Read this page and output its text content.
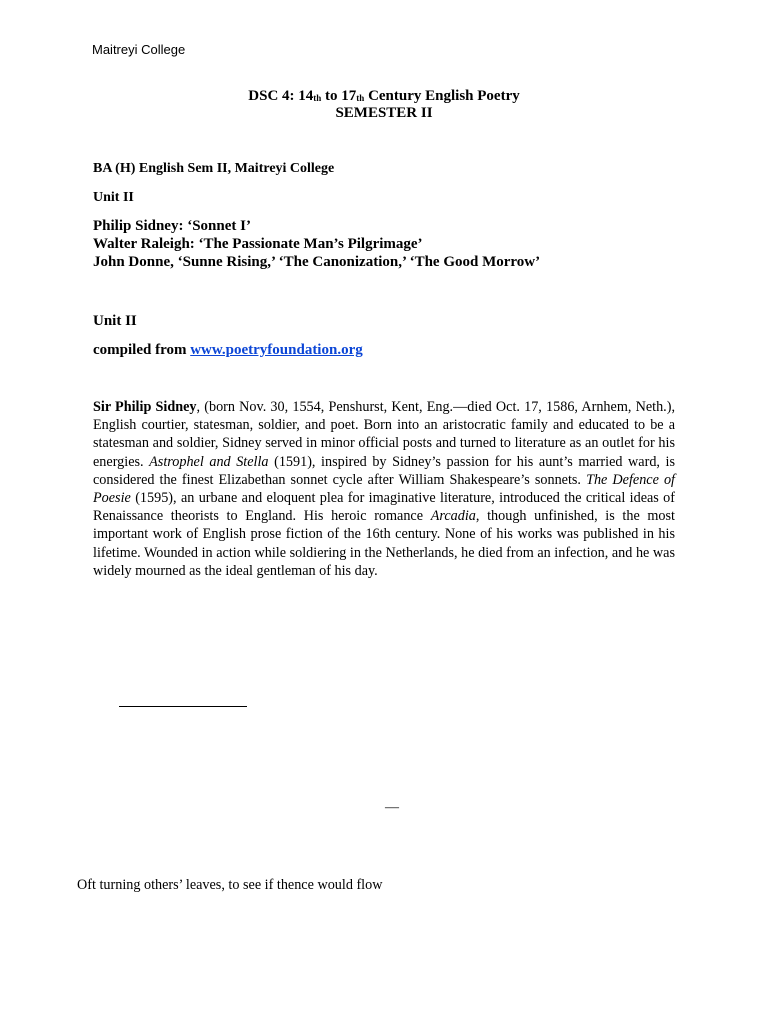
Maitreyi College
DSC 4: $14_{th}$ to $17_{th}$ Century English Poetry
SEMESTER II
BA (H) English Sem II, Maitreyi College
Unit II
Philip Sidney: ‘Sonnet I’
Walter Raleigh: ‘The Passionate Man’s Pilgrimage’
John Donne, ‘Sunne Rising,’ ‘The Canonization,’ ‘The Good Morrow’
Unit II
compiled from www.poetryfoundation.org
Sir Philip Sidney, (born Nov. 30, 1554, Penshurst, Kent, Eng.—died Oct. 17, 1586, Arnhem, Neth.), English courtier, statesman, soldier, and poet. Born into an aristocratic family and educated to be a statesman and soldier, Sidney served in minor official posts and turned to literature as an outlet for his energies. Astrophel and Stella (1591), inspired by Sidney’s passion for his aunt’s married ward, is considered the finest Elizabethan sonnet cycle after William Shakespeare’s sonnets. The Defence of Poesie (1595), an urbane and eloquent plea for imaginative literature, introduced the critical ideas of Renaissance theorists to England. His heroic romance Arcadia, though unfinished, is the most important work of English prose fiction of the 16th century. None of his works was published in his lifetime. Wounded in action while soldiering in the Netherlands, he died from an infection, and he was widely mourned as the ideal gentleman of his day.
—
Oft turning others’ leaves, to see if thence would flow
